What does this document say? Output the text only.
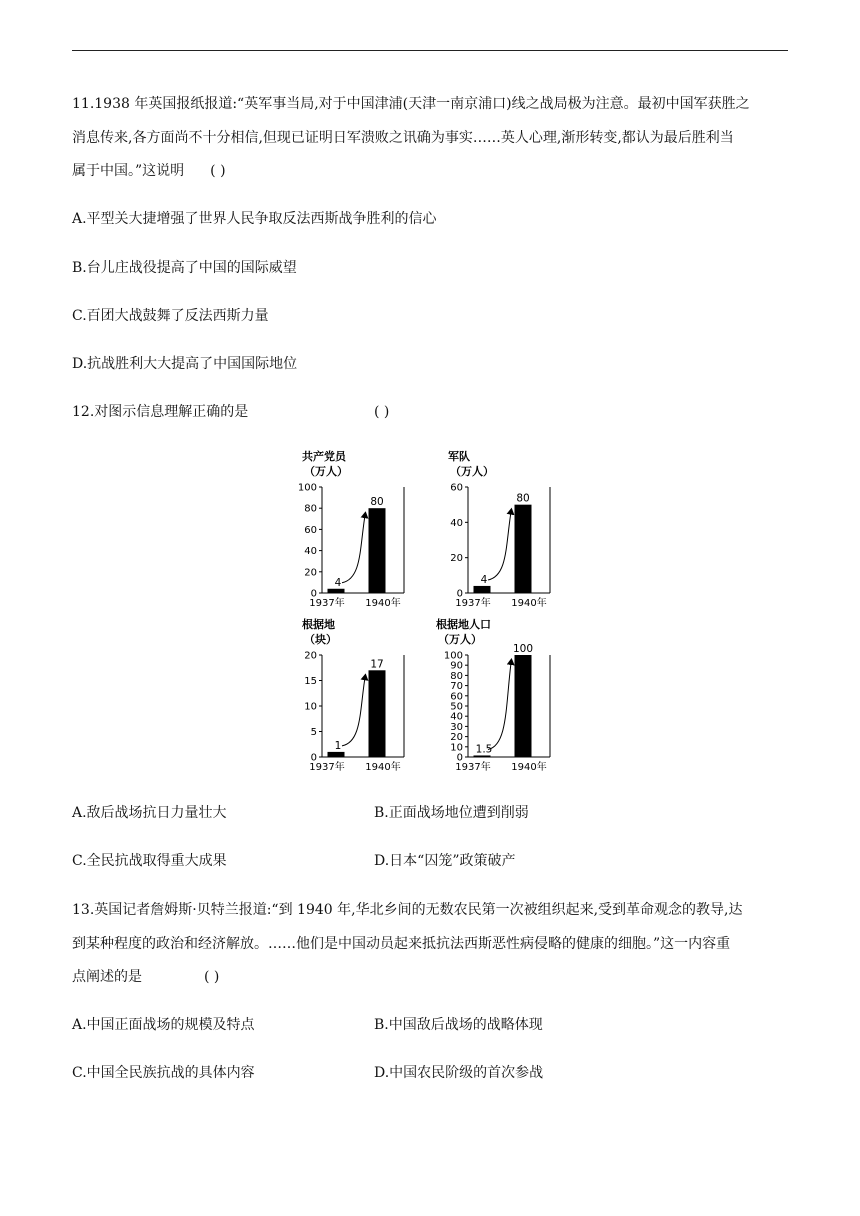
11.1938 年英国报纸报道:“英军事当局,对于中国津浦(天津一南京浦口)线之战局极为注意。最初中国军获胜之
消息传来,各方面尚不十分相信,但现已证明日军溃败之讯确为事实……英人心理,渐形转变,都认为最后胜利当
属于中国。”这说明 ( )
A.平型关大捷增强了世界人民争取反法西斯战争胜利的信心
B.台儿庄战役提高了中国的国际威望
C.百团大战鼓舞了反法西斯力量
D.抗战胜利大大提高了中国国际地位
12.对图示信息理解正确的是	( )
共产党员
（万人）
0
20
40
60
80
100
4
1937年
80
1940年
军队
（万人）
0
20
40
60
4
1937年
80
1940年
根据地
（块）
0
5
10
15
20
1
1937年
17
1940年
根据地人口
（万人）
0
10
20
30
40
50
60
70
80
90
100
1.5
1937年
100
1940年
A.敌后战场抗日力量壮大	B.正面战场地位遭到削弱
C.全民抗战取得重大成果	D.日本“囚笼”政策破产
13.英国记者詹姆斯·贝特兰报道:“到 1940 年,华北乡间的无数农民第一次被组织起来,受到革命观念的教导,达
到某种程度的政治和经济解放。……他们是中国动员起来抵抗法西斯恶性病侵略的健康的细胞。”这一内容重
点阐述的是	( )
A.中国正面战场的规模及特点	B.中国敌后战场的战略体现
C.中国全民族抗战的具体内容	D.中国农民阶级的首次参战
